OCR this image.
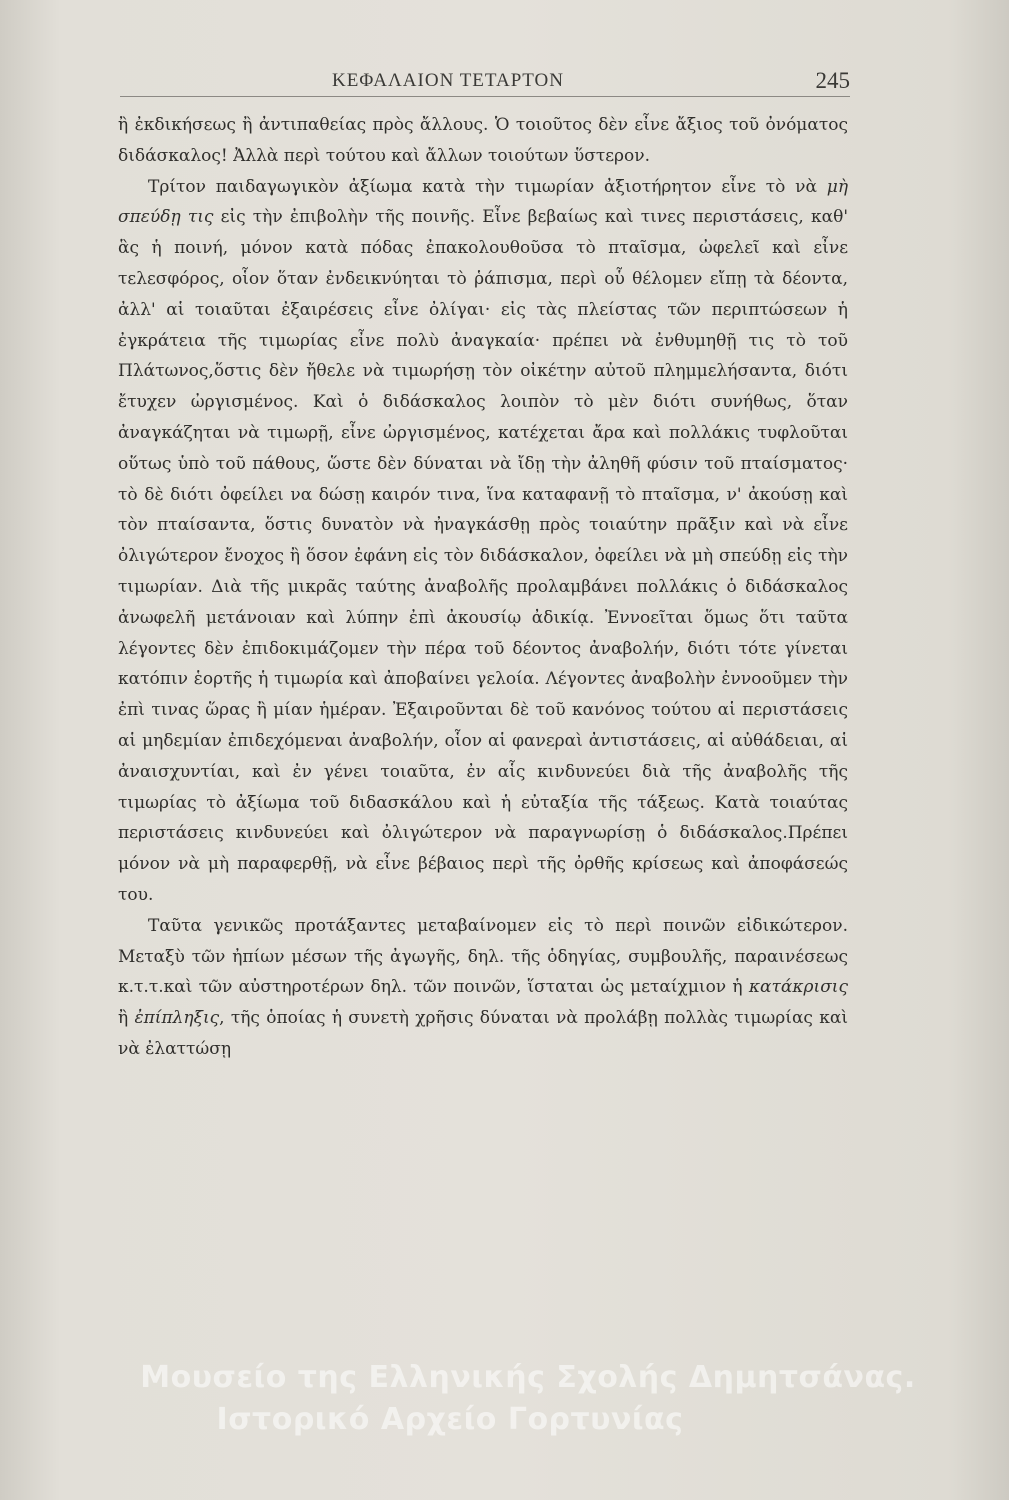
ΚΕΦΑΛΑΙΟΝ ΤΕΤΑΡΤΟΝ	245

ἢ ἐκδικήσεως ἢ ἀντιπαθείας πρὸς ἄλλους. Ὁ τοιοῦτος δὲν εἶνε ἄξιος τοῦ ὀνόματος διδάσκαλος! Ἀλλὰ περὶ τούτου καὶ ἄλλων τοιούτων ὕστερον.

Τρίτον παιδαγωγικὸν ἀξίωμα κατὰ τὴν τιμωρίαν ἀξιοτήρητον εἶνε τὸ νὰ μὴ σπεύδῃ τις εἰς τὴν ἐπιβολὴν τῆς ποινῆς. Εἶνε βεβαίως καὶ τινες περιστάσεις, καθ' ἃς ἡ ποινή, μόνον κατὰ πόδας ἐπακολουθοῦσα τὸ πταῖσμα, ὠφελεῖ καὶ εἶνε τελεσφόρος, οἷον ὅταν ἐνδεικνύηται τὸ ῥάπισμα, περὶ οὗ θέλομεν εἴπῃ τὰ δέοντα, ἀλλ' αἱ τοιαῦται ἐξαιρέσεις εἶνε ὀλίγαι· εἰς τὰς πλείστας τῶν περιπτώσεων ἡ ἐγκράτεια τῆς τιμωρίας εἶνε πολὺ ἀναγκαία· πρέπει νὰ ἐνθυμηθῇ τις τὸ τοῦ Πλάτωνος,ὅστις δὲν ἤθελε νὰ τιμωρήσῃ τὸν οἰκέτην αὐτοῦ πλημμελήσαντα, διότι ἔτυχεν ὠργισμένος. Καὶ ὁ διδάσκαλος λοιπὸν τὸ μὲν διότι συνήθως, ὅταν ἀναγκάζηται νὰ τιμωρῇ, εἶνε ὠργισμένος, κατέχεται ἄρα καὶ πολλάκις τυφλοῦται οὕτως ὑπὸ τοῦ πάθους, ὥστε δὲν δύναται νὰ ἴδῃ τὴν ἀληθῆ φύσιν τοῦ πταίσματος· τὸ δὲ διότι ὀφείλει να δώσῃ καιρόν τινα, ἵνα καταφανῇ τὸ πταῖσμα, ν' ἀκούσῃ καὶ τὸν πταίσαντα, ὅστις δυνατὸν νὰ ἠναγκάσθῃ πρὸς τοιαύτην πρᾶξιν καὶ νὰ εἶνε ὀλιγώτερον ἔνοχος ἢ ὅσον ἐφάνη εἰς τὸν διδάσκαλον, ὀφείλει νὰ μὴ σπεύδῃ εἰς τὴν τιμωρίαν. Διὰ τῆς μικρᾶς ταύτης ἀναβολῆς προλαμβάνει πολλάκις ὁ διδάσκαλος ἀνωφελῆ μετάνοιαν καὶ λύπην ἐπὶ ἀκουσίῳ ἀδικίᾳ. Ἐννοεῖται ὅμως ὅτι ταῦτα λέγοντες δὲν ἐπιδοκιμάζομεν τὴν πέρα τοῦ δέοντος ἀναβολήν, διότι τότε γίνεται κατόπιν ἑορτῆς ἡ τιμωρία καὶ ἀποβαίνει γελοία. Λέγοντες ἀναβολὴν ἐννοοῦμεν τὴν ἐπὶ τινας ὥρας ἢ μίαν ἡμέραν. Ἐξαιροῦνται δὲ τοῦ κανόνος τούτου αἱ περιστάσεις αἱ μηδεμίαν ἐπιδεχόμεναι ἀναβολήν, οἷον αἱ φανεραὶ ἀντιστάσεις, αἱ αὐθάδειαι, αἱ ἀναισχυντίαι, καὶ ἐν γένει τοιαῦτα, ἐν αἷς κινδυνεύει διὰ τῆς ἀναβολῆς τῆς τιμωρίας τὸ ἀξίωμα τοῦ διδασκάλου καὶ ἡ εὐταξία τῆς τάξεως. Κατὰ τοιαύτας περιστάσεις κινδυνεύει καὶ ὀλιγώτερον νὰ παραγνωρίσῃ ὁ διδάσκαλος.Πρέπει μόνον νὰ μὴ παραφερθῇ, νὰ εἶνε βέβαιος περὶ τῆς ὀρθῆς κρίσεως καὶ ἀποφάσεώς του.

Ταῦτα γενικῶς προτάξαντες μεταβαίνομεν εἰς τὸ περὶ ποινῶν εἰδικώτερον. Μεταξὺ τῶν ἠπίων μέσων τῆς ἀγωγῆς, δηλ. τῆς ὁδηγίας, συμβουλῆς, παραινέσεως κ.τ.τ.καὶ τῶν αὐστηροτέρων δηλ. τῶν ποινῶν, ἵσταται ὡς μεταίχμιον ἡ κατάκρισις ἢ ἐπίπληξις, τῆς ὁποίας ἡ συνετὴ χρῆσις δύναται νὰ προλάβῃ πολλὰς τιμωρίας καὶ νὰ ἐλαττώσῃ

Μουσείο της Ελληνικής Σχολής Δημητσάνας.
Ιστορικό Αρχείο Γορτυνίας
